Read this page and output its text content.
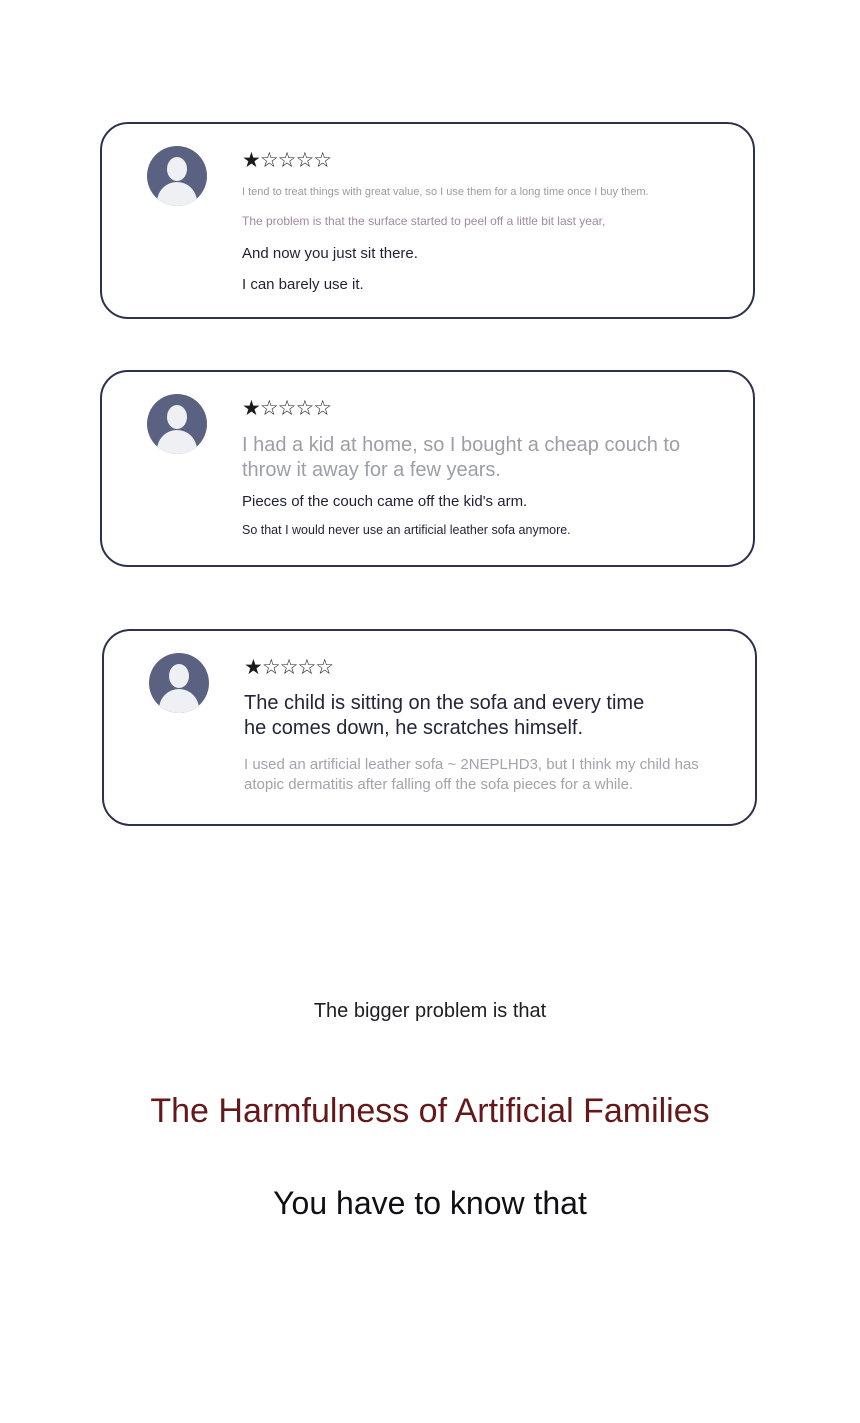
★☆☆☆☆
I tend to treat things with great value, so I use them for a long time once I buy them.
The problem is that the surface started to peel off a little bit last year,
And now you just sit there.
I can barely use it.
★☆☆☆☆
I had a kid at home, so I bought a cheap couch to throw it away for a few years.
Pieces of the couch came off the kid's arm.
So that I would never use an artificial leather sofa anymore.
★☆☆☆☆
The child is sitting on the sofa and every time he comes down, he scratches himself.
I used an artificial leather sofa ~ 2NEPLHD3, but I think my child has atopic dermatitis after falling off the sofa pieces for a while.
The bigger problem is that
The Harmfulness of Artificial Families
You have to know that
